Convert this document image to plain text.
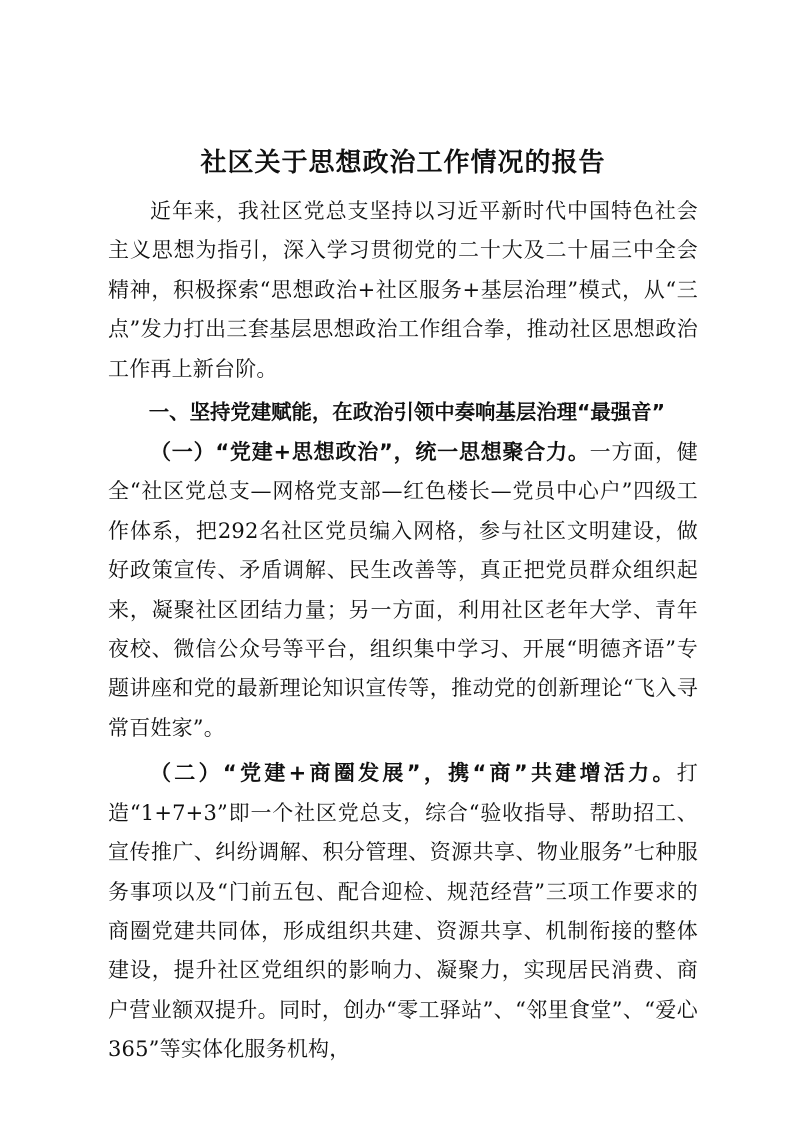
社区关于思想政治工作情况的报告

近年来，我社区党总支坚持以习近平新时代中国特色社会主义思想为指引，深入学习贯彻党的二十大及二十届三中全会精神，积极探索“思想政治+社区服务+基层治理”模式，从“三点”发力打出三套基层思想政治工作组合拳，推动社区思想政治工作再上新台阶。

一、坚持党建赋能，在政治引领中奏响基层治理“最强音”

（一）“党建+思想政治”，统一思想聚合力。一方面，健全“社区党总支—网格党支部—红色楼长—党员中心户”四级工作体系，把292名社区党员编入网格，参与社区文明建设，做好政策宣传、矛盾调解、民生改善等，真正把党员群众组织起来，凝聚社区团结力量；另一方面，利用社区老年大学、青年夜校、微信公众号等平台，组织集中学习、开展“明德齐语”专题讲座和党的最新理论知识宣传等，推动党的创新理论“飞入寻常百姓家”。

（二）“党建+商圈发展”，携“商”共建增活力。打造“1+7+3”即一个社区党总支，综合“验收指导、帮助招工、宣传推广、纠纷调解、积分管理、资源共享、物业服务”七种服务事项以及“门前五包、配合迎检、规范经营”三项工作要求的商圈党建共同体，形成组织共建、资源共享、机制衔接的整体建设，提升社区党组织的影响力、凝聚力，实现居民消费、商户营业额双提升。同时，创办“零工驿站”、“邻里食堂”、“爱心365”等实体化服务机构，
